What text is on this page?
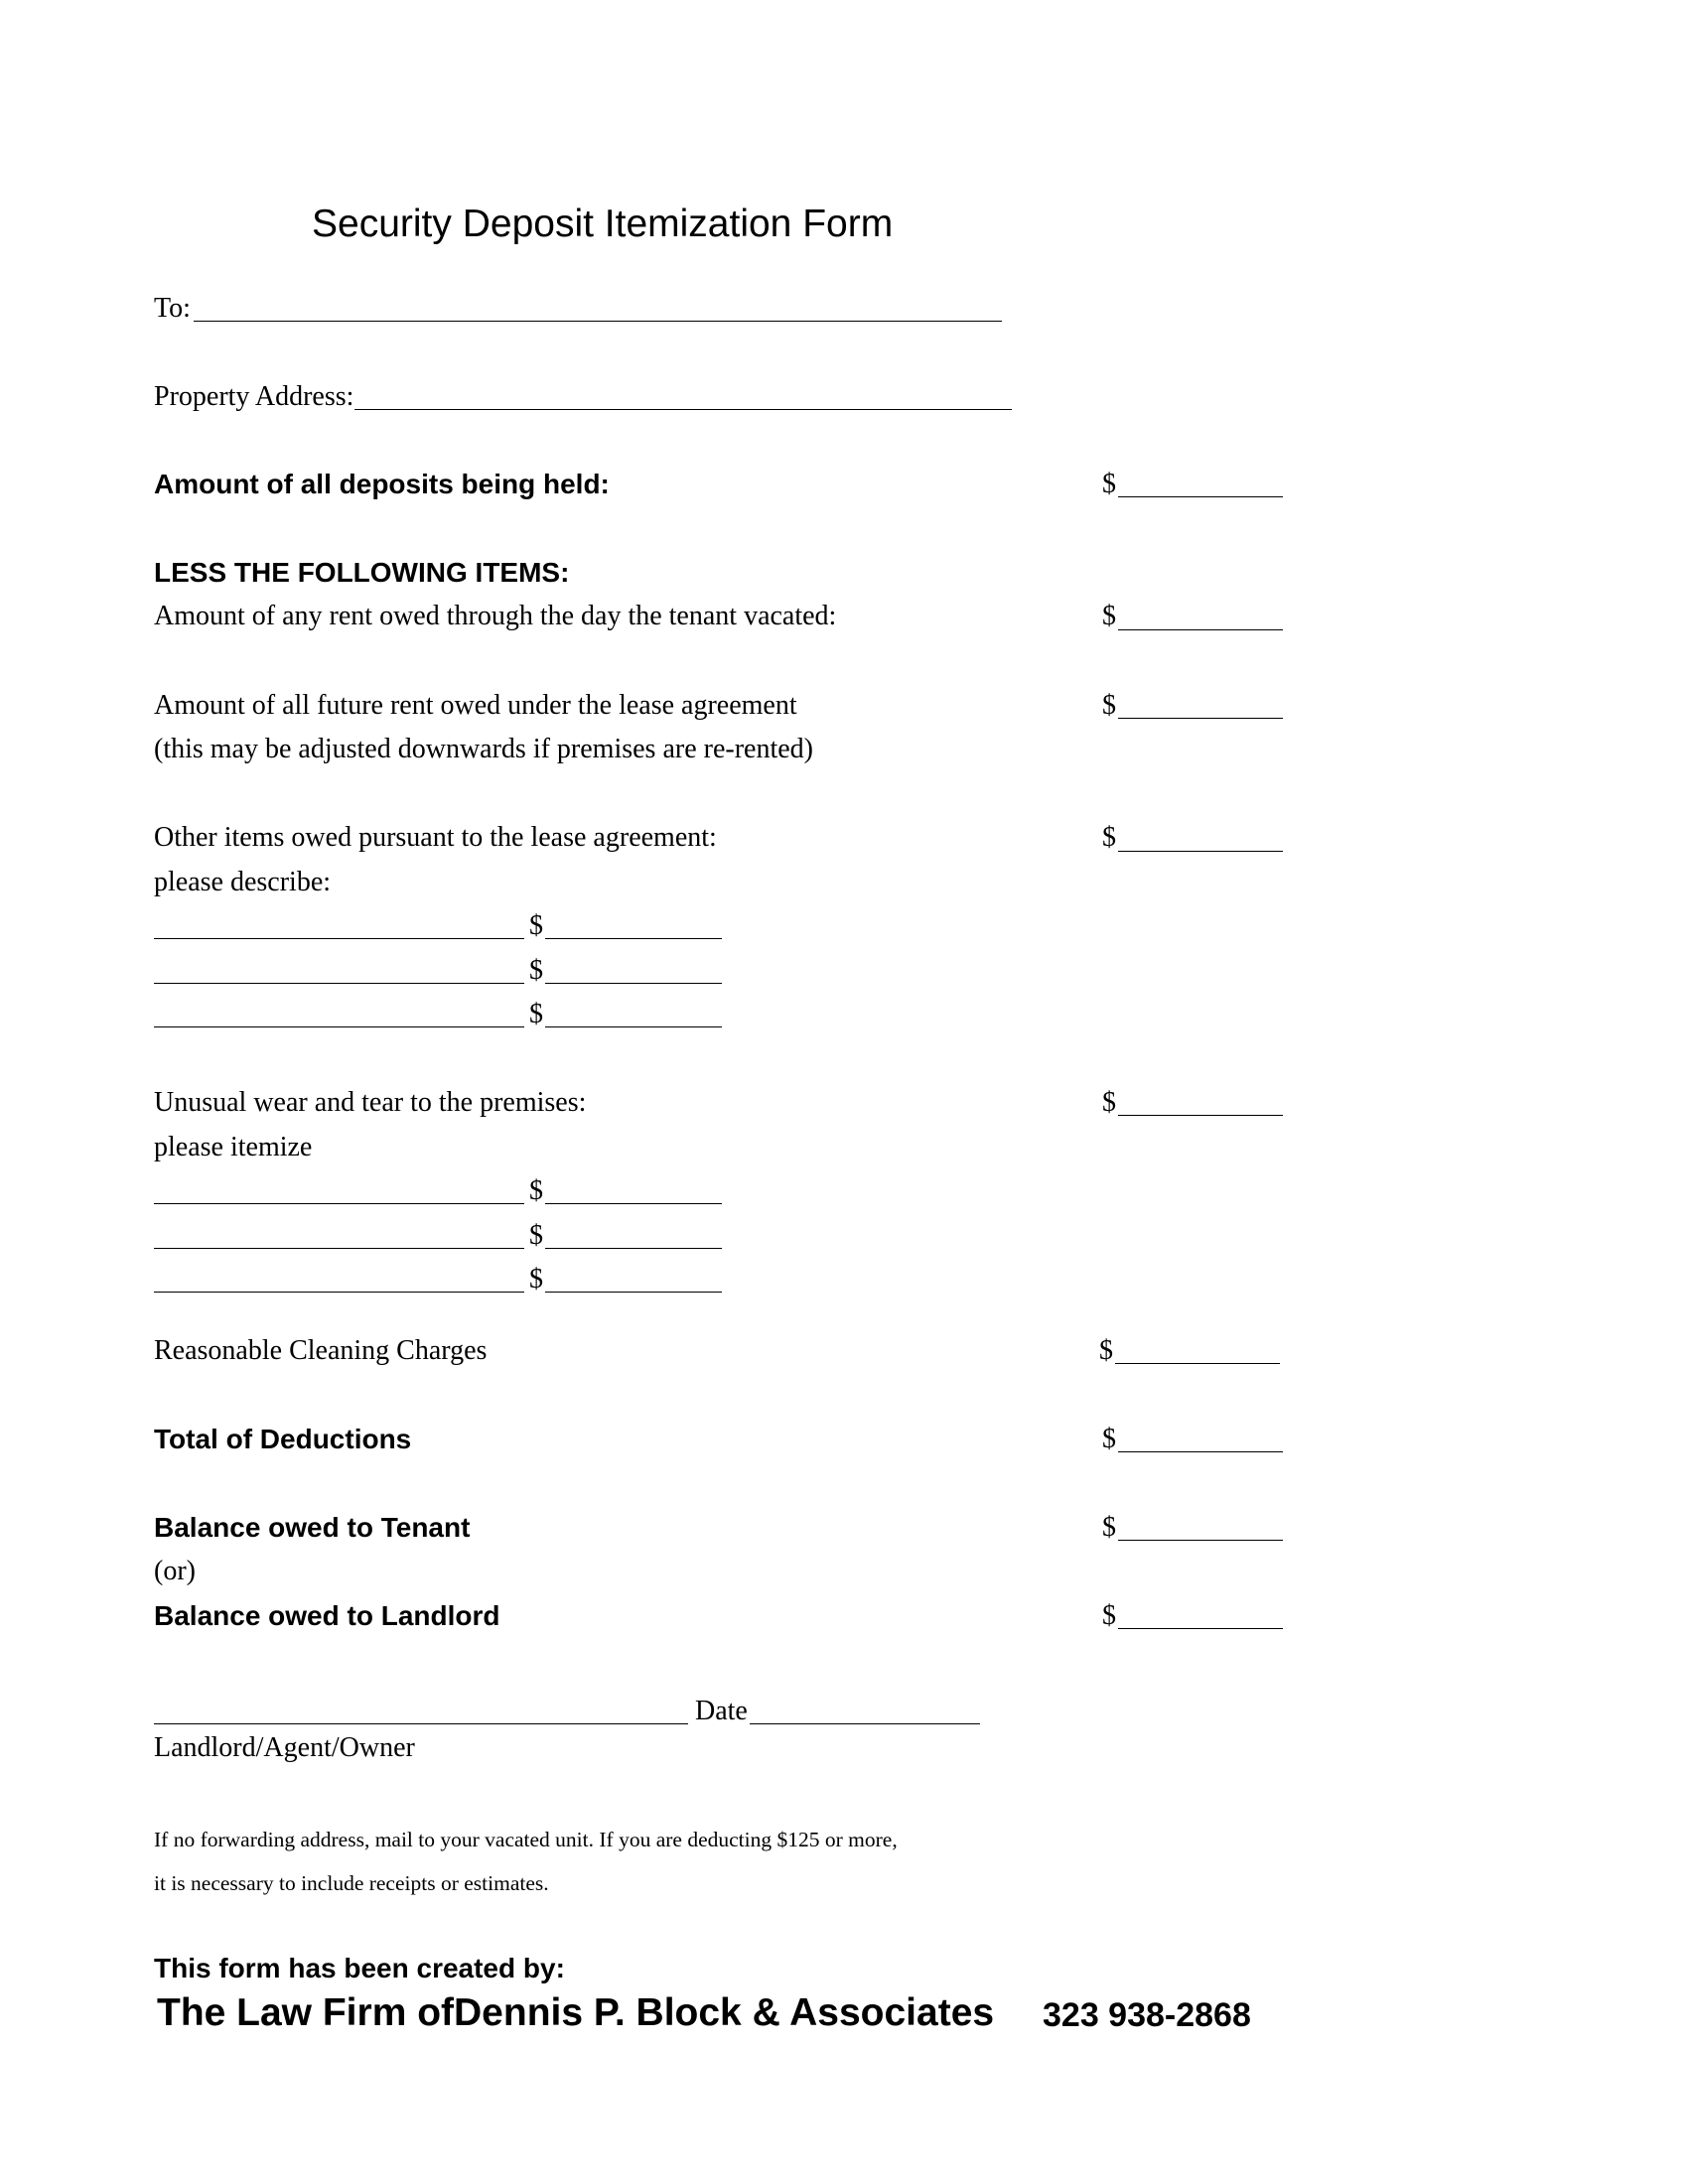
Security Deposit Itemization Form
To:
Property Address:
Amount of all deposits being held:	$
LESS THE FOLLOWING ITEMS:
Amount of any rent owed through the day the tenant vacated:	$
Amount of all future rent owed under the lease agreement	$
(this may be adjusted downwards if premises are re-rented)
Other items owed pursuant to the lease agreement:	$
please describe:
$
$
$
Unusual wear and tear to the premises:	$
please itemize
$
$
$
Reasonable Cleaning Charges	$
Total of Deductions	$
Balance owed to Tenant	$
(or)
Balance owed to Landlord	$
Date
Landlord/Agent/Owner
If no forwarding address, mail to your vacated unit. If you are deducting $125 or more,
it is necessary to include receipts or estimates.
This form has been created by:
The Law Firm ofDennis P. Block & Associates 323 938-2868
